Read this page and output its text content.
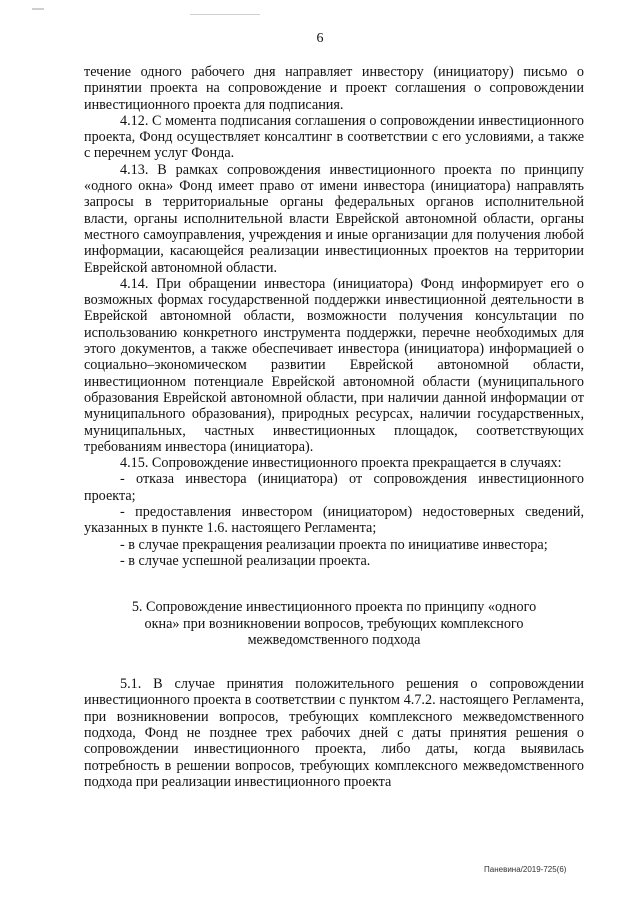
6

течение одного рабочего дня направляет инвестору (инициатору) письмо о принятии проекта на сопровождение и проект соглашения о сопровождении инвестиционного проекта для подписания.

4.12. С момента подписания соглашения о сопровождении инвестиционного проекта, Фонд осуществляет консалтинг в соответствии с его условиями, а также с перечнем услуг Фонда.

4.13. В рамках сопровождения инвестиционного проекта по принципу «одного окна» Фонд имеет право от имени инвестора (инициатора) направлять запросы в территориальные органы федеральных органов исполнительной власти, органы исполнительной власти Еврейской автономной области, органы местного самоуправления, учреждения и иные организации для получения любой информации, касающейся реализации инвестиционных проектов на территории Еврейской автономной области.

4.14. При обращении инвестора (инициатора) Фонд информирует его о возможных формах государственной поддержки инвестиционной деятельности в Еврейской автономной области, возможности получения консультации по использованию конкретного инструмента поддержки, перечне необходимых для этого документов, а также обеспечивает инвестора (инициатора) информацией о социально–экономическом развитии Еврейской автономной области, инвестиционном потенциале Еврейской автономной области (муниципального образования Еврейской автономной области, при наличии данной информации от муниципального образования), природных ресурсах, наличии государственных, муниципальных, частных инвестиционных площадок, соответствующих требованиям инвестора (инициатора).

4.15. Сопровождение инвестиционного проекта прекращается в случаях:

- отказа инвестора (инициатора) от сопровождения инвестиционного проекта;

- предоставления инвестором (инициатором) недостоверных сведений, указанных в пункте 1.6. настоящего Регламента;

- в случае прекращения реализации проекта по инициативе инвестора;

- в случае успешной реализации проекта.

5. Сопровождение инвестиционного проекта по принципу «одного окна» при возникновении вопросов, требующих комплексного межведомственного подхода

5.1. В случае принятия положительного решения о сопровождении инвестиционного проекта в соответствии с пунктом 4.7.2. настоящего Регламента, при возникновении вопросов, требующих комплексного межведомственного подхода, Фонд не позднее трех рабочих дней с даты принятия решения о сопровождении инвестиционного проекта, либо даты, когда выявилась потребность в решении вопросов, требующих комплексного межведомственного подхода при реализации инвестиционного проекта

Паневина/2019-725(6)
